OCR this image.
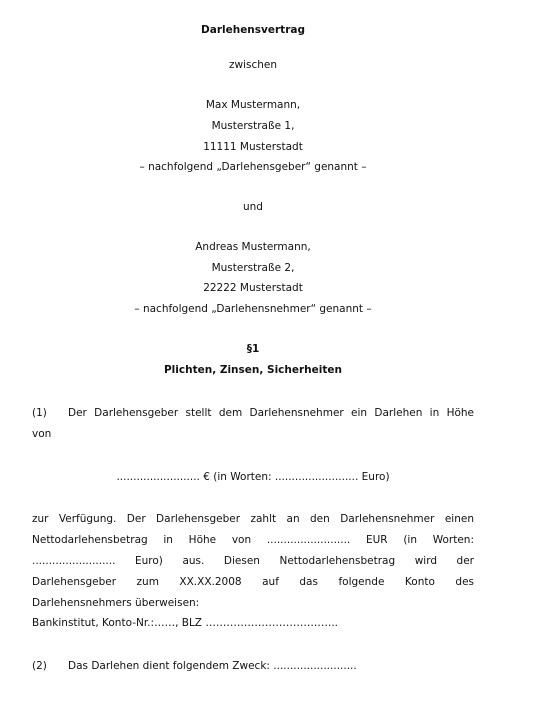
Darlehensvertrag
zwischen
Max Mustermann,
Musterstraße 1,
11111 Musterstadt
– nachfolgend „Darlehensgeber“ genannt –
und
Andreas Mustermann,
Musterstraße 2,
22222 Musterstadt
– nachfolgend „Darlehensnehmer“ genannt –
§1
Plichten, Zinsen, Sicherheiten
(1) Der Darlehensgeber stellt dem Darlehensnehmer ein Darlehen in Höhe
von
......................... € (in Worten: ......................... Euro)
zur Verfügung. Der Darlehensgeber zahlt an den Darlehensnehmer einen
Nettodarlehensbetrag in Höhe von ......................... EUR (in Worten:
......................... Euro) aus. Diesen Nettodarlehensbetrag wird der
Darlehensgeber zum XX.XX.2008 auf das folgende Konto des
Darlehensnehmers überweisen:
Bankinstitut, Konto-Nr.:……, BLZ ………………………………..
(2) Das Darlehen dient folgendem Zweck: .........................
